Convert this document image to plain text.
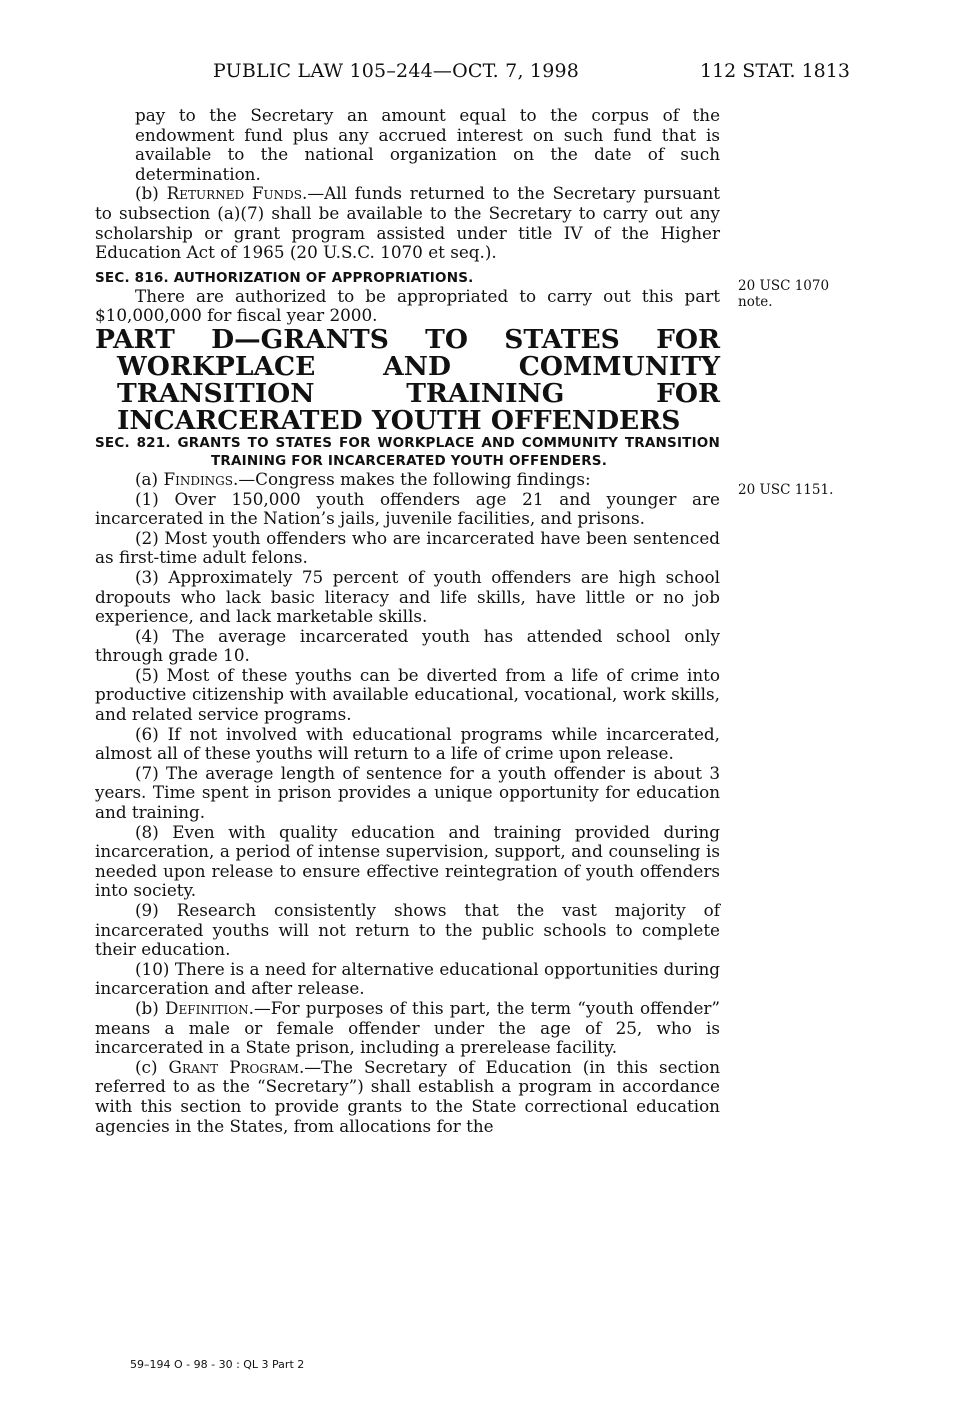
PUBLIC LAW 105–244—OCT. 7, 1998	112 STAT. 1813

pay to the Secretary an amount equal to the corpus of the endowment fund plus any accrued interest on such fund that is available to the national organization on the date of such determination.

(b) Returned Funds.—All funds returned to the Secretary pursuant to subsection (a)(7) shall be available to the Secretary to carry out any scholarship or grant program assisted under title IV of the Higher Education Act of 1965 (20 U.S.C. 1070 et seq.).

SEC. 816. AUTHORIZATION OF APPROPRIATIONS.

There are authorized to be appropriated to carry out this part $10,000,000 for fiscal year 2000.

PART D—GRANTS TO STATES FOR WORKPLACE AND COMMUNITY TRANSITION TRAINING FOR INCARCERATED YOUTH OFFENDERS

SEC. 821. GRANTS TO STATES FOR WORKPLACE AND COMMUNITY TRANSITION TRAINING FOR INCARCERATED YOUTH OFFENDERS.

(a) Findings.—Congress makes the following findings:

(1) Over 150,000 youth offenders age 21 and younger are incarcerated in the Nation’s jails, juvenile facilities, and prisons.

(2) Most youth offenders who are incarcerated have been sentenced as first-time adult felons.

(3) Approximately 75 percent of youth offenders are high school dropouts who lack basic literacy and life skills, have little or no job experience, and lack marketable skills.

(4) The average incarcerated youth has attended school only through grade 10.

(5) Most of these youths can be diverted from a life of crime into productive citizenship with available educational, vocational, work skills, and related service programs.

(6) If not involved with educational programs while incarcerated, almost all of these youths will return to a life of crime upon release.

(7) The average length of sentence for a youth offender is about 3 years. Time spent in prison provides a unique opportunity for education and training.

(8) Even with quality education and training provided during incarceration, a period of intense supervision, support, and counseling is needed upon release to ensure effective reintegration of youth offenders into society.

(9) Research consistently shows that the vast majority of incarcerated youths will not return to the public schools to complete their education.

(10) There is a need for alternative educational opportunities during incarceration and after release.

(b) Definition.—For purposes of this part, the term “youth offender” means a male or female offender under the age of 25, who is incarcerated in a State prison, including a prerelease facility.

(c) Grant Program.—The Secretary of Education (in this section referred to as the “Secretary”) shall establish a program in accordance with this section to provide grants to the State correctional education agencies in the States, from allocations for the

20 USC 1070
note.
20 USC 1151.
59–194 O - 98 - 30 : QL 3 Part 2
